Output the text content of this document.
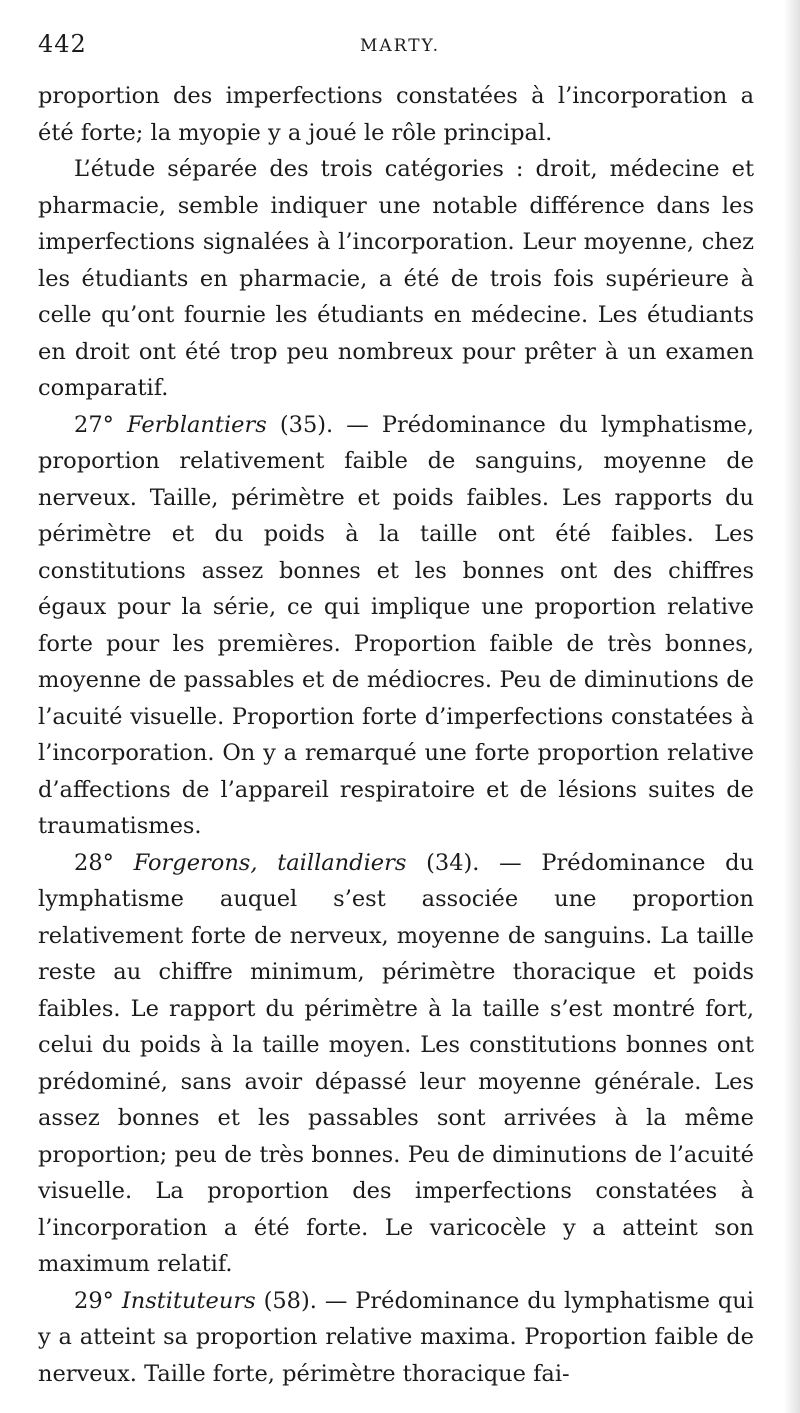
442	MARTY.

proportion des imperfections constatées à l’incorporation a été forte; la myopie y a joué le rôle principal.

L’étude séparée des trois catégories : droit, médecine et pharmacie, semble indiquer une notable différence dans les imperfections signalées à l’incorporation. Leur moyenne, chez les étudiants en pharmacie, a été de trois fois supérieure à celle qu’ont fournie les étudiants en médecine. Les étudiants en droit ont été trop peu nombreux pour prêter à un examen comparatif.

27° Ferblantiers (35). — Prédominance du lymphatisme, proportion relativement faible de sanguins, moyenne de nerveux. Taille, périmètre et poids faibles. Les rapports du périmètre et du poids à la taille ont été faibles. Les constitutions assez bonnes et les bonnes ont des chiffres égaux pour la série, ce qui implique une proportion relative forte pour les premières. Proportion faible de très bonnes, moyenne de passables et de médiocres. Peu de diminutions de l’acuité visuelle. Proportion forte d’imperfections constatées à l’incorporation. On y a remarqué une forte proportion relative d’affections de l’appareil respiratoire et de lésions suites de traumatismes.

28° Forgerons, taillandiers (34). — Prédominance du lymphatisme auquel s’est associée une proportion relativement forte de nerveux, moyenne de sanguins. La taille reste au chiffre minimum, périmètre thoracique et poids faibles. Le rapport du périmètre à la taille s’est montré fort, celui du poids à la taille moyen. Les constitutions bonnes ont prédominé, sans avoir dépassé leur moyenne générale. Les assez bonnes et les passables sont arrivées à la même proportion; peu de très bonnes. Peu de diminutions de l’acuité visuelle. La proportion des imperfections constatées à l’incorporation a été forte. Le varicocèle y a atteint son maximum relatif.

29° Instituteurs (58). — Prédominance du lymphatisme qui y a atteint sa proportion relative maxima. Proportion faible de nerveux. Taille forte, périmètre thoracique fai-
